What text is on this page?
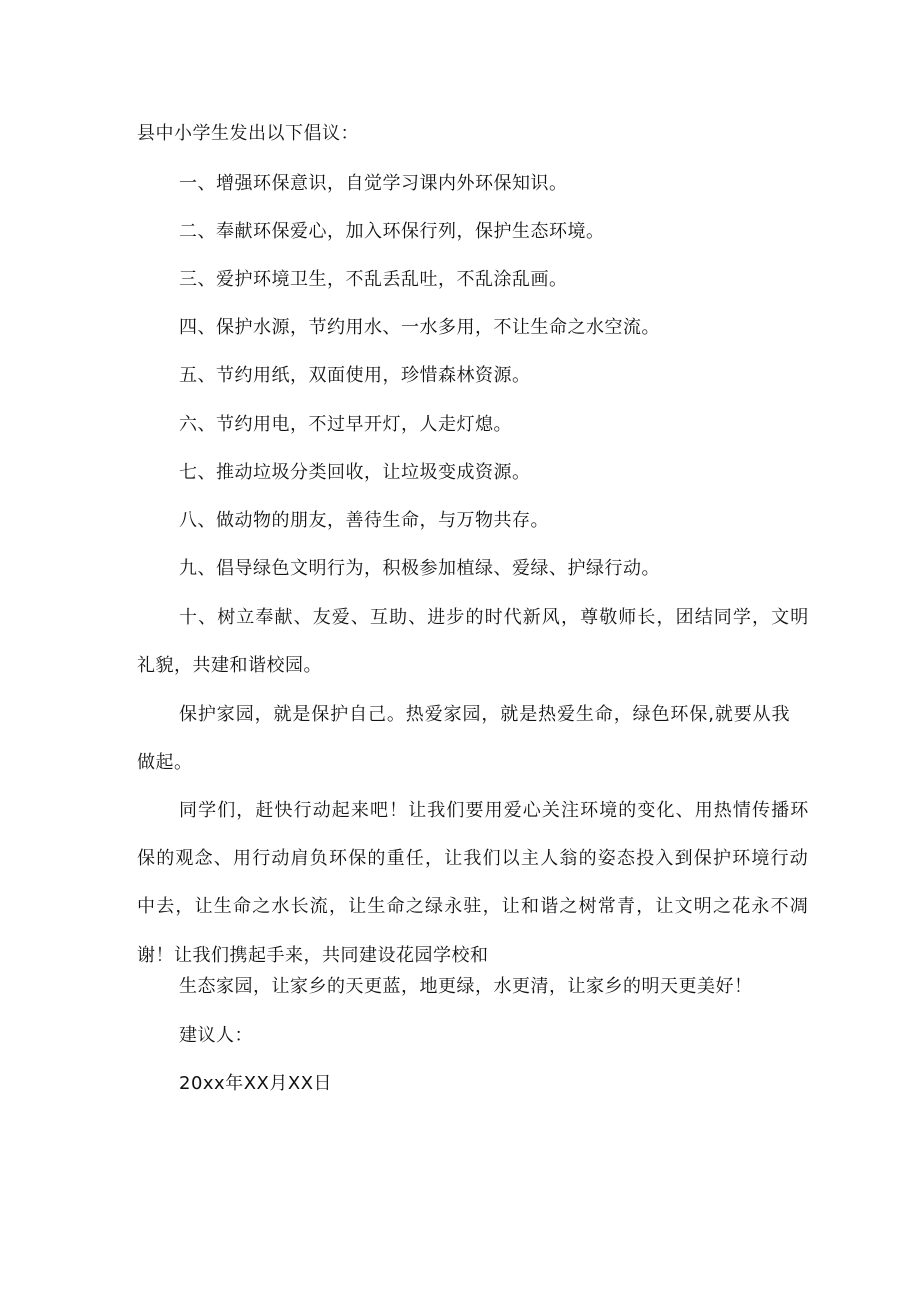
县中小学生发出以下倡议：
一、增强环保意识，自觉学习课内外环保知识。
二、奉献环保爱心，加入环保行列，保护生态环境。
三、爱护环境卫生，不乱丢乱吐，不乱涂乱画。
四、保护水源，节约用水、一水多用，不让生命之水空流。
五、节约用纸，双面使用，珍惜森林资源。
六、节约用电，不过早开灯，人走灯熄。
七、推动垃圾分类回收，让垃圾变成资源。
八、做动物的朋友，善待生命，与万物共存。
九、倡导绿色文明行为，积极参加植绿、爱绿、护绿行动。
十、树立奉献、友爱、互助、进步的时代新风，尊敬师长，团结同学，文明
礼貌，共建和谐校园。
保护家园，就是保护自己。热爱家园，就是热爱生命，绿色环保,就要从我
做起。
同学们，赶快行动起来吧！让我们要用爱心关注环境的变化、用热情传播环
保的观念、用行动肩负环保的重任，让我们以主人翁的姿态投入到保护环境行动
中去，让生命之水长流，让生命之绿永驻，让和谐之树常青，让文明之花永不凋
谢！让我们携起手来，共同建设花园学校和
生态家园，让家乡的天更蓝，地更绿，水更清，让家乡的明天更美好！
建议人：
20xx年XX月XX日
